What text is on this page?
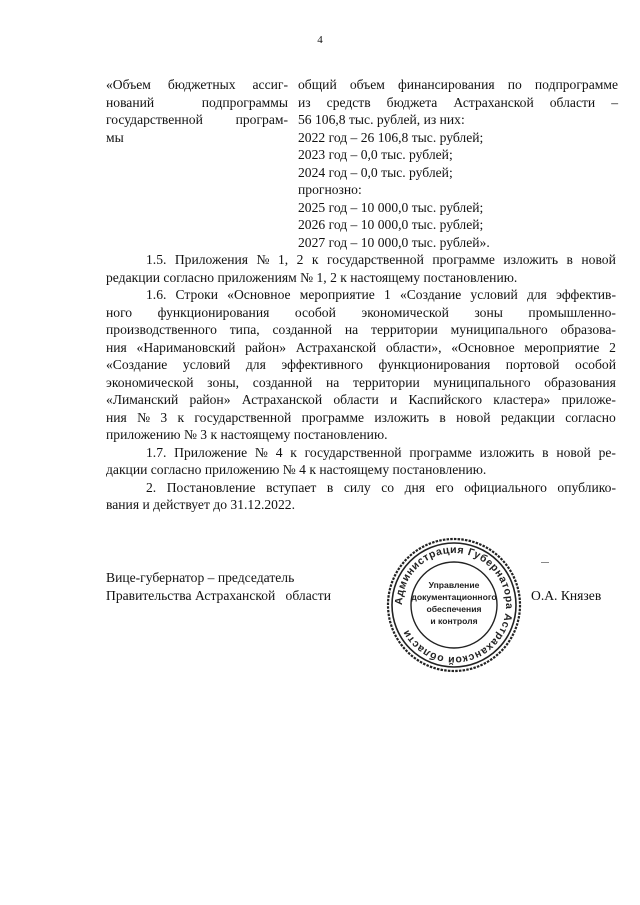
4
«Объем бюджетных ассиг-
нований	подпрограммы
государственной програм-
мы
общий объем финансирования по подпрограмме
из средств бюджета Астраханской области –
56 106,8 тыс. рублей, из них:
2022 год – 26 106,8 тыс. рублей;
2023 год – 0,0 тыс. рублей;
2024 год – 0,0 тыс. рублей;
прогнозно:
2025 год – 10 000,0 тыс. рублей;
2026 год – 10 000,0 тыс. рублей;
2027 год – 10 000,0 тыс. рублей».
1.5. Приложения № 1, 2 к государственной программе изложить в новой
редакции согласно приложениям № 1, 2 к настоящему постановлению.
1.6. Строки «Основное мероприятие 1 «Создание условий для эффектив-
ного функционирования особой экономической зоны промышленно-
производственного типа, созданной на территории муниципального образова-
ния «Наримановский район» Астраханской области», «Основное мероприятие 2
«Создание условий для эффективного функционирования портовой особой
экономической зоны, созданной на территории муниципального образования
«Лиманский район» Астраханской области и Каспийского кластера» приложе-
ния № 3 к государственной программе изложить в новой редакции согласно
приложению № 3 к настоящему постановлению.
1.7. Приложение № 4 к государственной программе изложить в новой ре-
дакции согласно приложению № 4 к настоящему постановлению.
2. Постановление вступает в силу со дня его официального опублико-
вания и действует до 31.12.2022.
Вице-губернатор – председатель
Правительства Астраханской   области	Администрация Губернатора Астраханской области
Управление
документационного
обеспечения
и контроля
О.А. Князев
